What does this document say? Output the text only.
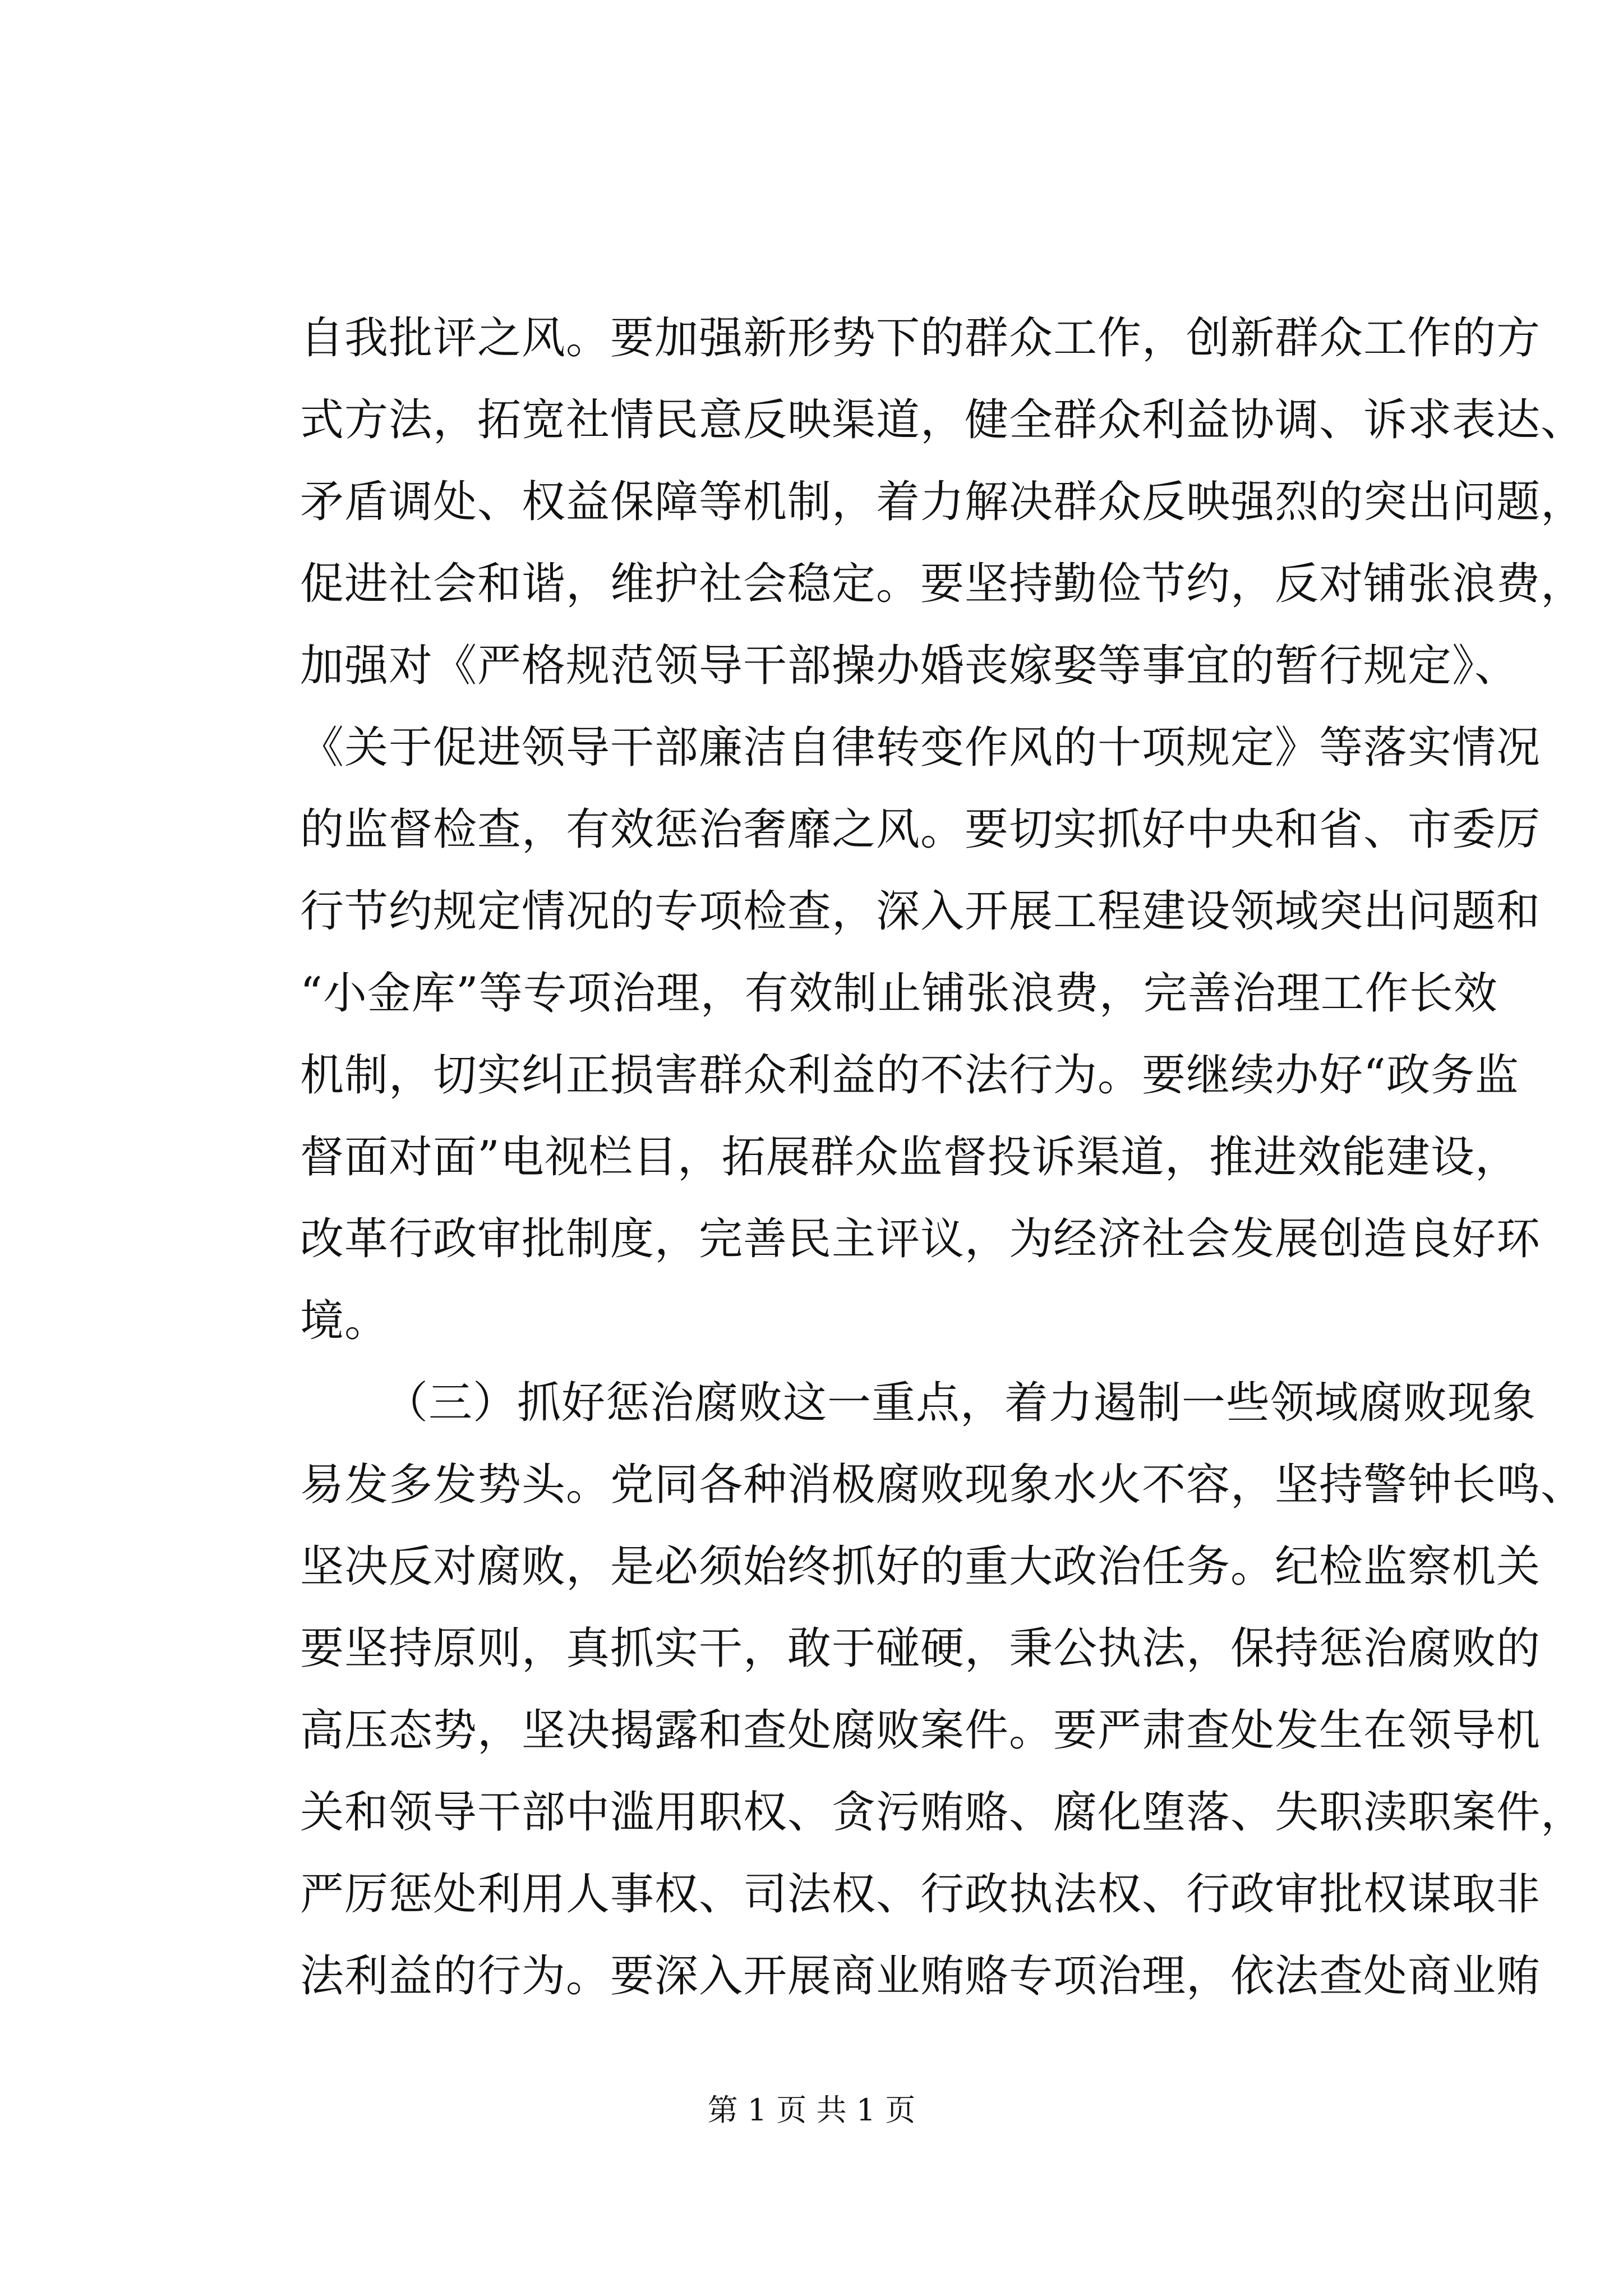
自我批评之风。要加强新形势下的群众工作，创新群众工作的方
式方法，拓宽社情民意反映渠道，健全群众利益协调、诉求表达、
矛盾调处、权益保障等机制，着力解决群众反映强烈的突出问题，
促进社会和谐，维护社会稳定。要坚持勤俭节约，反对铺张浪费，
加强对《严格规范领导干部操办婚丧嫁娶等事宜的暂行规定》、
《关于促进领导干部廉洁自律转变作风的十项规定》等落实情况
的监督检查，有效惩治奢靡之风。要切实抓好中央和省、市委厉
行节约规定情况的专项检查，深入开展工程建设领域突出问题和
“小金库”等专项治理，有效制止铺张浪费，完善治理工作长效
机制，切实纠正损害群众利益的不法行为。要继续办好“政务监
督面对面”电视栏目，拓展群众监督投诉渠道，推进效能建设，
改革行政审批制度，完善民主评议，为经济社会发展创造良好环
境。
（三）抓好惩治腐败这一重点，着力遏制一些领域腐败现象
易发多发势头。党同各种消极腐败现象水火不容，坚持警钟长鸣、
坚决反对腐败，是必须始终抓好的重大政治任务。纪检监察机关
要坚持原则，真抓实干，敢于碰硬，秉公执法，保持惩治腐败的
高压态势，坚决揭露和查处腐败案件。要严肃查处发生在领导机
关和领导干部中滥用职权、贪污贿赂、腐化堕落、失职渎职案件，
严厉惩处利用人事权、司法权、行政执法权、行政审批权谋取非
法利益的行为。要深入开展商业贿赂专项治理，依法查处商业贿
第 1 页 共 1 页
